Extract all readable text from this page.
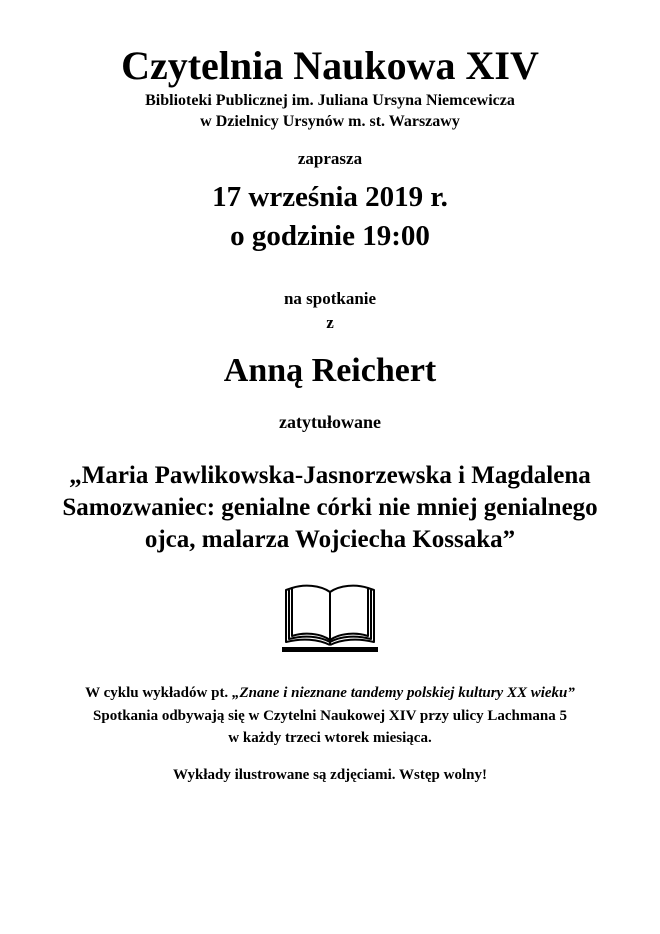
Czytelnia Naukowa XIV
Biblioteki Publicznej im. Juliana Ursyna Niemcewicza
w Dzielnicy Ursynów m. st. Warszawy
zaprasza
17 września 2019 r.
o godzinie 19:00
na spotkanie
z
Anną Reichert
zatytułowane
„Maria Pawlikowska-Jasnorzewska i Magdalena
Samozwaniec: genialne córki nie mniej genialnego
ojca, malarza Wojciecha Kossaka”
W cyklu wykładów pt. „Znane i nieznane tandemy polskiej kultury XX wieku”
Spotkania odbywają się w Czytelni Naukowej XIV przy ulicy Lachmana 5
w każdy trzeci wtorek miesiąca.
Wykłady ilustrowane są zdjęciami. Wstęp wolny!
